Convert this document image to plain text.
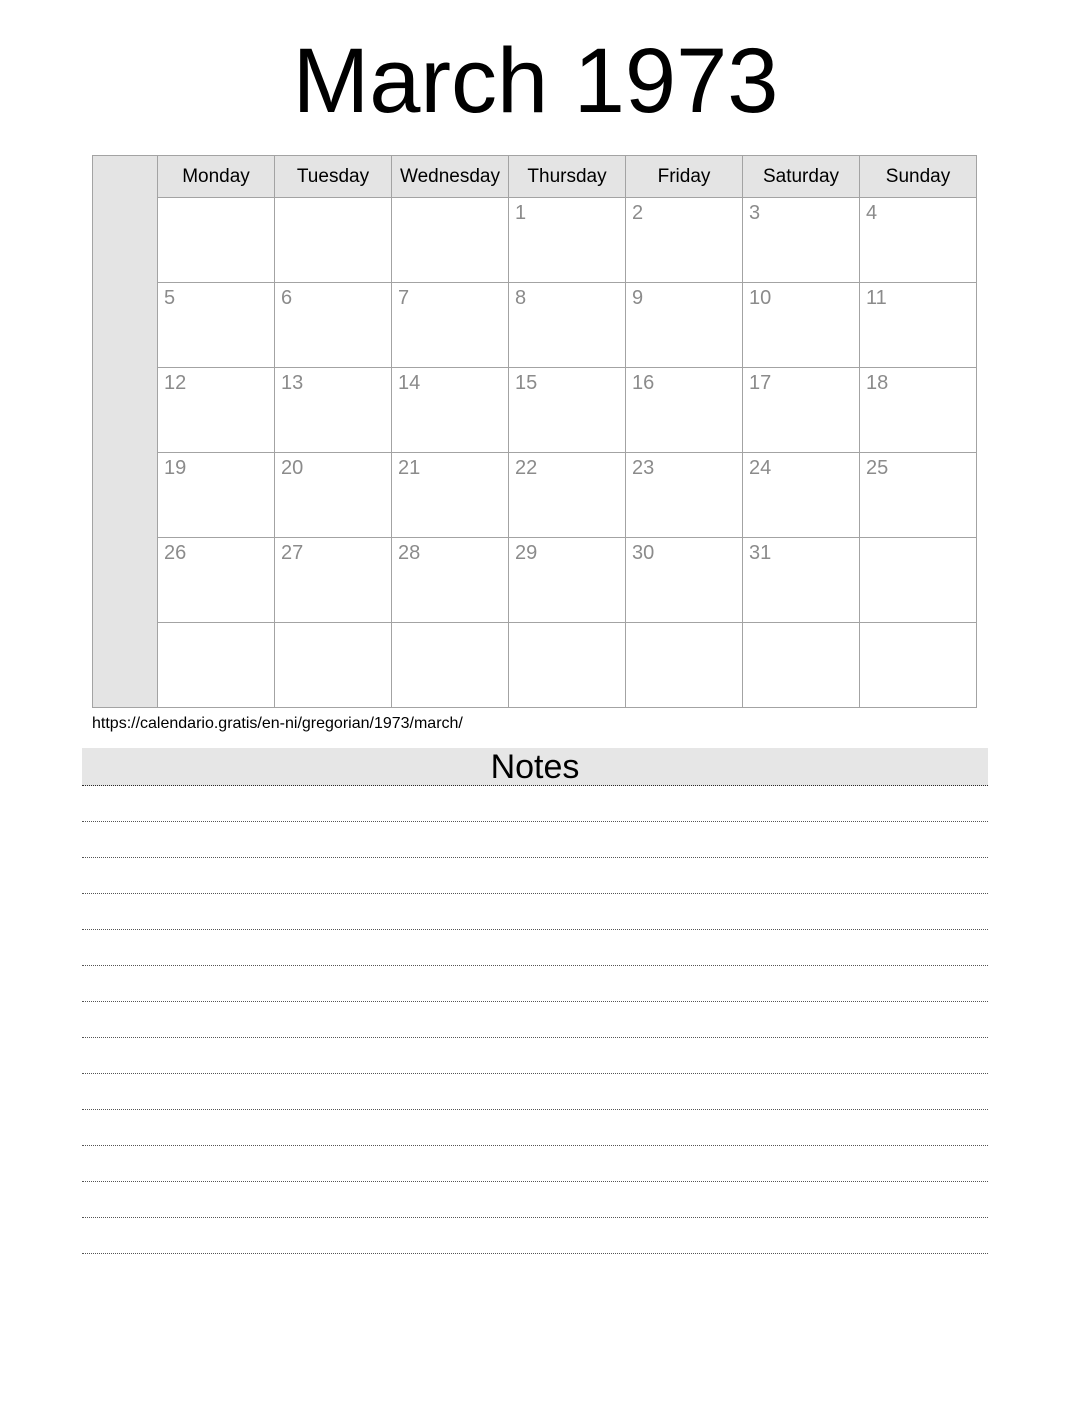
March 1973
	Monday	Tuesday	Wednesday	Thursday	Friday	Saturday	Sunday
				1	2	3	4
	5	6	7	8	9	10	11
	12	13	14	15	16	17	18
	19	20	21	22	23	24	25
	26	27	28	29	30	31	

https://calendario.gratis/en-ni/gregorian/1973/march/

Notes
